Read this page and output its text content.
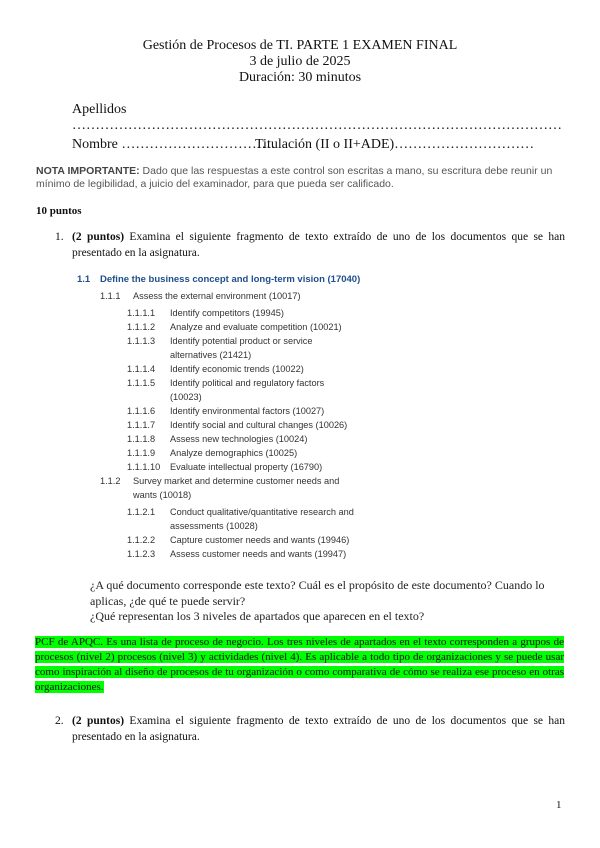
Gestión de Procesos de TI. PARTE 1 EXAMEN FINAL
3 de julio de 2025
Duración: 30 minutos
Apellidos ……………………………………………………………………………………………
Nombre ……………………………
Titulación (II o II+ADE)…………………………
NOTA IMPORTANTE: Dado que las respuestas a este control son escritas a mano, su escritura debe reunir un mínimo de legibilidad, a juicio del examinador, para que pueda ser calificado.
10 puntos
1. (2 puntos) Examina el siguiente fragmento de texto extraído de uno de los documentos que se han presentado en la asignatura.
1.1 Define the business concept and long-term vision (17040)
1.1.1 Assess the external environment (10017)
1.1.1.1 Identify competitors (19945)
1.1.1.2 Analyze and evaluate competition (10021)
1.1.1.3 Identify potential product or service alternatives (21421)
1.1.1.4 Identify economic trends (10022)
1.1.1.5 Identify political and regulatory factors (10023)
1.1.1.6 Identify environmental factors (10027)
1.1.1.7 Identify social and cultural changes (10026)
1.1.1.8 Assess new technologies (10024)
1.1.1.9 Analyze demographics (10025)
1.1.1.10 Evaluate intellectual property (16790)
1.1.2 Survey market and determine customer needs and wants (10018)
1.1.2.1 Conduct qualitative/quantitative research and assessments (10028)
1.1.2.2 Capture customer needs and wants (19946)
1.1.2.3 Assess customer needs and wants (19947)
¿A qué documento corresponde este texto? Cuál es el propósito de este documento? Cuando lo aplicas, ¿de qué te puede servir?
¿Qué representan los 3 niveles de apartados que aparecen en el texto?
PCF de APQC. Es una lista de proceso de negocio. Los tres niveles de apartados en el texto corresponden a grupos de procesos (nivel 2) procesos (nivel 3) y actividades (nivel 4). Es aplicable a todo tipo de organizaciones y se puede usar como inspiración al diseño de procesos de tu organización o como comparativa de cómo se realiza ese proceso en otras organizaciones.
2. (2 puntos) Examina el siguiente fragmento de texto extraído de uno de los documentos que se han presentado en la asignatura.
1
